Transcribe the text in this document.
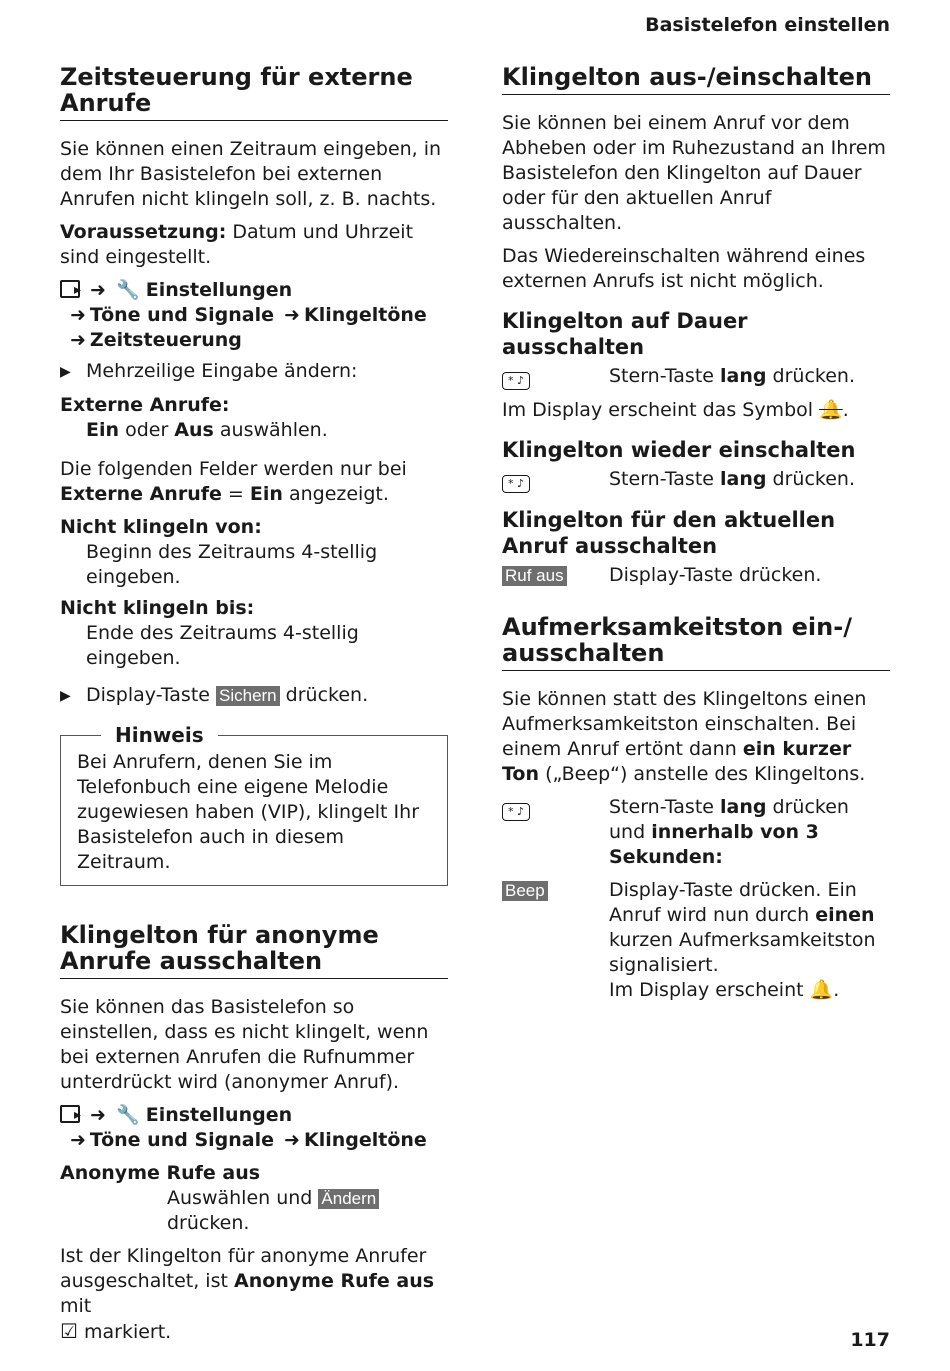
Basistelefon einstellen
Zeitsteuerung für externe Anrufe

Sie können einen Zeitraum eingeben, in dem Ihr Basistelefon bei externen Anrufen nicht klingeln soll, z. B. nachts.

Voraussetzung: Datum und Uhrzeit sind eingestellt.

▸ ➜ 🔧 Einstellungen
➜ Töne und Signale ➜ Klingeltöne
➜ Zeitsteuerung
▶ Mehrzeilige Eingabe ändern:

Externe Anrufe:

Ein oder Aus auswählen.

Die folgenden Felder werden nur bei Externe Anrufe = Ein angezeigt.

Nicht klingeln von:

Beginn des Zeitraums 4-stellig eingeben.

Nicht klingeln bis:

Ende des Zeitraums 4-stellig eingeben.

▶ Display-Taste Sichern drücken.
Hinweis
Bei Anrufern, denen Sie im Telefonbuch eine eigene Melodie zugewiesen haben (VIP), klingelt Ihr Basistelefon auch in diesem Zeitraum.
Klingelton für anonyme Anrufe ausschalten

Sie können das Basistelefon so einstellen, dass es nicht klingelt, wenn bei externen Anrufen die Rufnummer unterdrückt wird (anonymer Anruf).

▸ ➜ 🔧 Einstellungen
➜ Töne und Signale ➜ Klingeltöne

Anonyme Rufe aus

Auswählen und Ändern
drücken.

Ist der Klingelton für anonyme Anrufer ausgeschaltet, ist Anonyme Rufe aus mit
☑ markiert.

Klingelton aus-/einschalten

Sie können bei einem Anruf vor dem Abheben oder im Ruhezustand an Ihrem Basistelefon den Klingelton auf Dauer oder für den aktuellen Anruf ausschalten.

Das Wiedereinschalten während eines externen Anrufs ist nicht möglich.

Klingelton auf Dauer ausschalten
* ♪	Stern-Taste lang drücken.

Im Display erscheint das Symbol 🔔.

Klingelton wieder einschalten
* ♪	Stern-Taste lang drücken.
Klingelton für den aktuellen Anruf ausschalten
Ruf aus	Display-Taste drücken.
Aufmerksamkeitston ein-/ ausschalten

Sie können statt des Klingeltons einen Aufmerksamkeitston einschalten. Bei einem Anruf ertönt dann ein kurzer Ton („Beep“) anstelle des Klingeltons.

* ♪	Stern-Taste lang drücken und innerhalb von 3 Sekunden:
Beep	Display-Taste drücken. Ein Anruf wird nun durch einen kurzen Aufmerksamkeitston signalisiert.
Im Display erscheint 🔔.
117
